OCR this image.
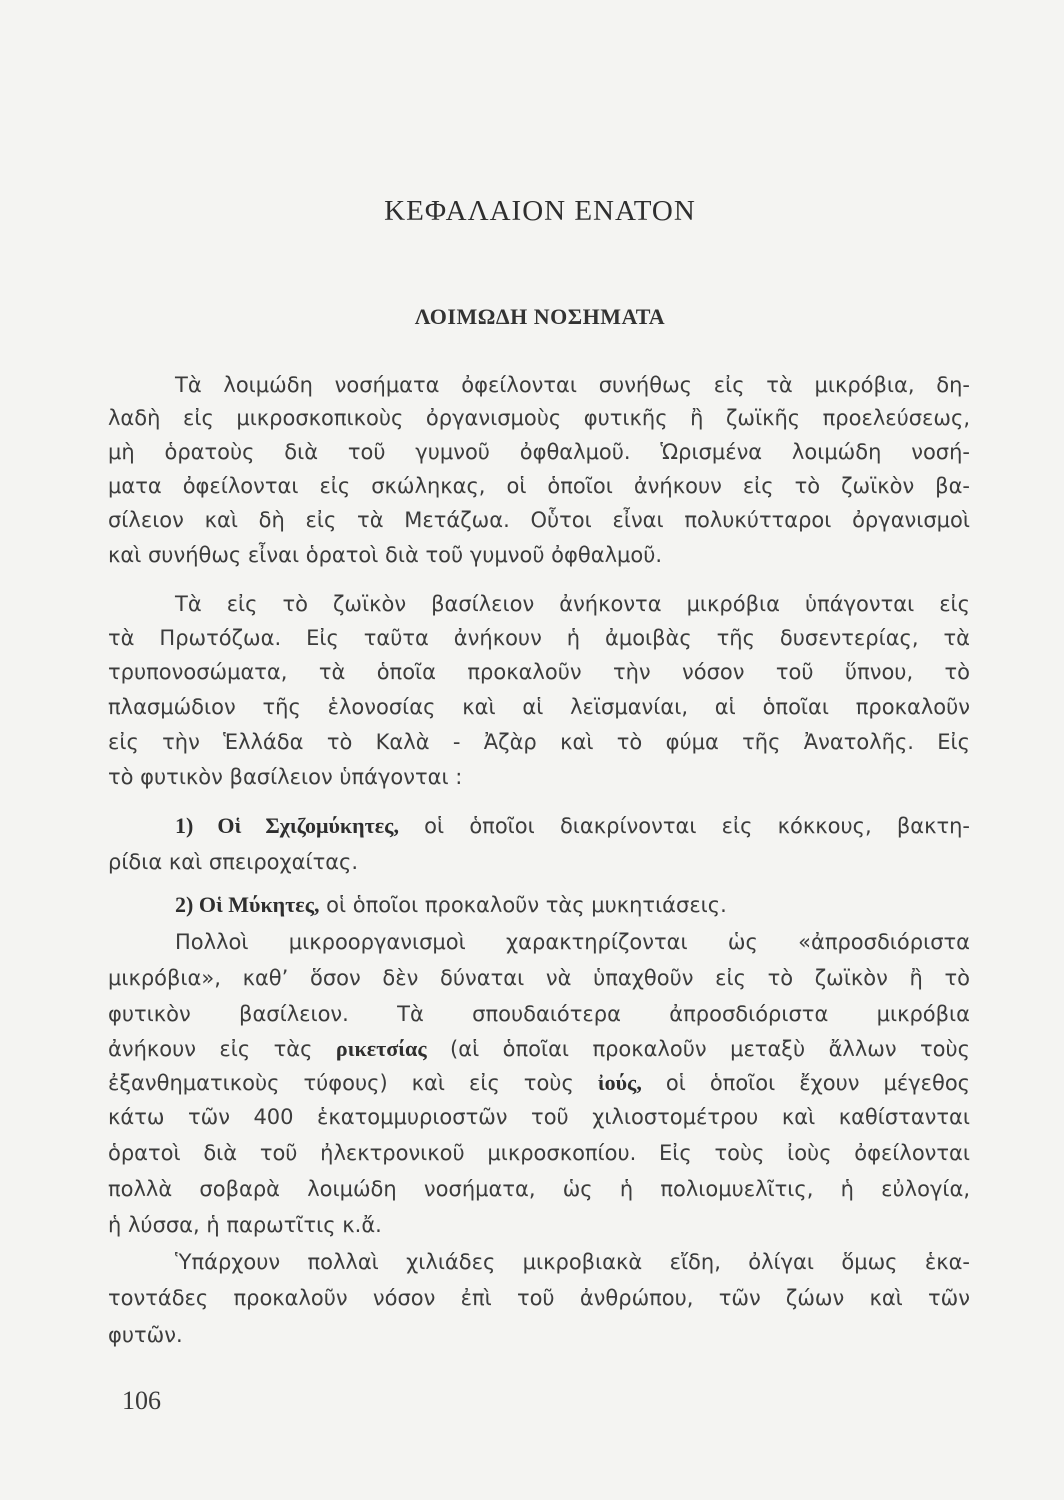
ΚΕΦΑΛΑΙΟΝ ΕΝΑΤΟΝ
ΛΟΙΜΩΔΗ ΝΟΣΗΜΑΤΑ
Τὰ λοιμώδη νοσήματα ὀφείλονται συνήθως εἰς τὰ μικρόβια, δη-
λαδὴ εἰς μικροσκοπικοὺς ὀργανισμοὺς φυτικῆς ἢ ζωϊκῆς προελεύσεως,
μὴ ὁρατοὺς διὰ τοῦ γυμνοῦ ὀφθαλμοῦ. Ὡρισμένα λοιμώδη νοσή-
ματα ὀφείλονται εἰς σκώληκας, οἱ ὁποῖοι ἀνήκουν εἰς τὸ ζωϊκὸν βα-
σίλειον καὶ δὴ εἰς τὰ Μετάζωα. Οὗτοι εἶναι πολυκύτταροι ὀργανισμοὶ
καὶ συνήθως εἶναι ὁρατοὶ διὰ τοῦ γυμνοῦ ὀφθαλμοῦ.
Τὰ εἰς τὸ ζωϊκὸν βασίλειον ἀνήκοντα μικρόβια ὑπάγονται εἰς
τὰ Πρωτόζωα. Εἰς ταῦτα ἀνήκουν ἡ ἀμοιβὰς τῆς δυσεντερίας, τὰ
τρυπονοσώματα, τὰ ὁποῖα προκαλοῦν τὴν νόσον τοῦ ὕπνου, τὸ
πλασμώδιον τῆς ἑλονοσίας καὶ αἱ λεϊσμανίαι, αἱ ὁποῖαι προκαλοῦν
εἰς τὴν Ἑλλάδα τὸ Καλὰ - Ἀζὰρ καὶ τὸ φύμα τῆς Ἀνατολῆς. Εἰς
τὸ φυτικὸν βασίλειον ὑπάγονται :
1) Οἱ Σχιζομύκητες, οἱ ὁποῖοι διακρίνονται εἰς κόκκους, βακτη-
ρίδια καὶ σπειροχαίτας.
2) Οἱ Μύκητες, οἱ ὁποῖοι προκαλοῦν τὰς μυκητιάσεις.
Πολλοὶ μικροοργανισμοὶ χαρακτηρίζονται ὡς «ἀπροσδιόριστα
μικρόβια», καθ’ ὅσον δὲν δύναται νὰ ὑπαχθοῦν εἰς τὸ ζωϊκὸν ἢ τὸ
φυτικὸν βασίλειον. Τὰ σπουδαιότερα ἀπροσδιόριστα μικρόβια
ἀνήκουν εἰς τὰς ρικετσίας (αἱ ὁποῖαι προκαλοῦν μεταξὺ ἄλλων τοὺς
ἐξανθηματικοὺς τύφους) καὶ εἰς τοὺς ἰούς, οἱ ὁποῖοι ἔχουν μέγεθος
κάτω τῶν 400 ἑκατομμυριοστῶν τοῦ χιλιοστομέτρου καὶ καθίστανται
ὁρατοὶ διὰ τοῦ ἠλεκτρονικοῦ μικροσκοπίου. Εἰς τοὺς ἰοὺς ὀφείλονται
πολλὰ σοβαρὰ λοιμώδη νοσήματα, ὡς ἡ πολιομυελῖτις, ἡ εὐλογία,
ἡ λύσσα, ἡ παρωτῖτις κ.ἄ.
Ὑπάρχουν πολλαὶ χιλιάδες μικροβιακὰ εἴδη, ὀλίγαι ὅμως ἑκα-
τοντάδες προκαλοῦν νόσον ἐπὶ τοῦ ἀνθρώπου, τῶν ζώων καὶ τῶν
φυτῶν.
106
